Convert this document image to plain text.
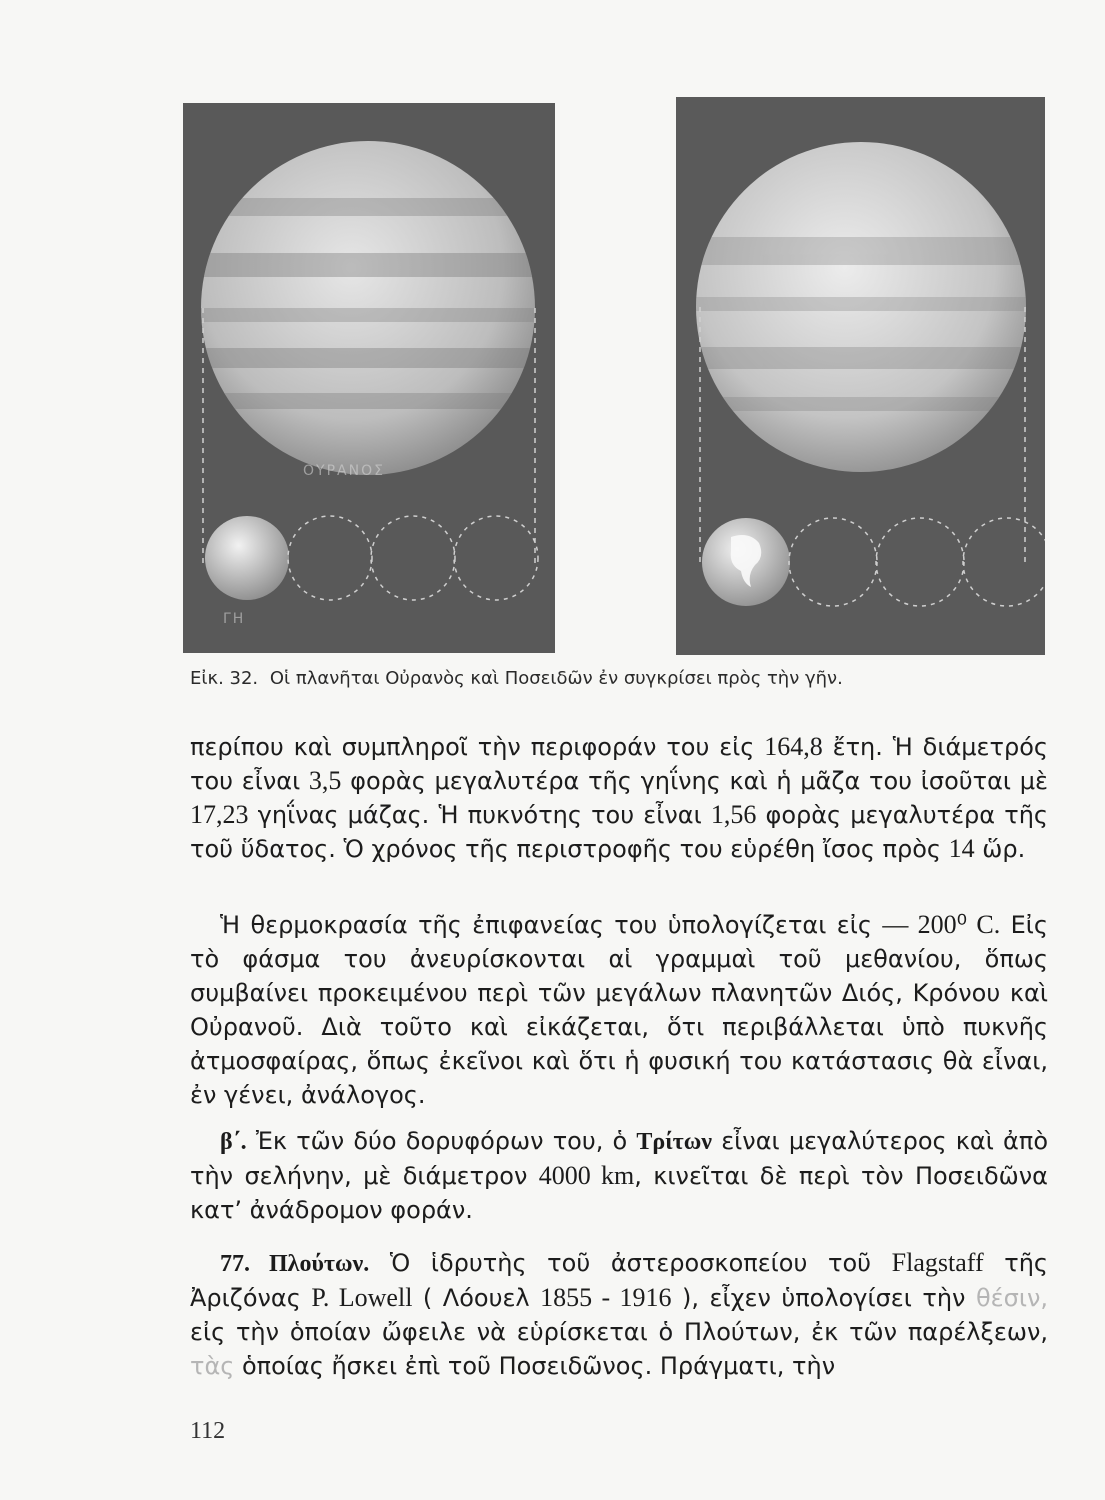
ΟΥΡΑΝΟΣ
ΓΗ
Εἰκ. 32. Οἱ πλανῆται Οὐρανὸς καὶ Ποσειδῶν ἐν συγκρίσει πρὸς τὴν γῆν.

περίπου καὶ συμπληροῖ τὴν περιφοράν του εἰς 164,8 ἔτη. Ἡ διάμετρός του εἶναι 3,5 φορὰς μεγαλυτέρα τῆς γηΐνης καὶ ἡ μᾶζα του ἰσοῦται μὲ 17,23 γηΐνας μάζας. Ἡ πυκνότης του εἶναι 1,56 φορὰς μεγαλυτέρα τῆς τοῦ ὕδατος. Ὁ χρόνος τῆς περιστροφῆς του εὑρέθη ἴσος πρὸς 14 ὥρ.

Ἡ θερμοκρασία τῆς ἐπιφανείας του ὑπολογίζεται εἰς — 200⁰ C. Εἰς τὸ φάσμα του ἀνευρίσκονται αἱ γραμμαὶ τοῦ μεθανίου, ὅπως συμβαίνει προκειμένου περὶ τῶν μεγάλων πλανητῶν Διός, Κρόνου καὶ Οὐρανοῦ. Διὰ τοῦτο καὶ εἰκάζεται, ὅτι περιβάλλεται ὑπὸ πυκνῆς ἀτμοσφαίρας, ὅπως ἐκεῖνοι καὶ ὅτι ἡ φυσική του κατάστασις θὰ εἶναι, ἐν γένει, ἀνάλογος.

β΄. Ἐκ τῶν δύο δορυφόρων του, ὁ Τρίτων εἶναι μεγαλύτερος καὶ ἀπὸ τὴν σελήνην, μὲ διάμετρον 4000 km, κινεῖται δὲ περὶ τὸν Ποσειδῶνα κατ’ ἀνάδρομον φοράν.

77. Πλούτων. Ὁ ἱδρυτὴς τοῦ ἀστεροσκοπείου τοῦ Flagstaff τῆς Ἀριζόνας P. Lowell ( Λόουελ 1855 - 1916 ), εἶχεν ὑπολογίσει τὴν θέσιν, εἰς τὴν ὁποίαν ὤφειλε νὰ εὑρίσκεται ὁ Πλούτων, ἐκ τῶν παρέλξεων, τὰς ὁποίας ἤσκει ἐπὶ τοῦ Ποσειδῶνος. Πράγματι, τὴν

112
